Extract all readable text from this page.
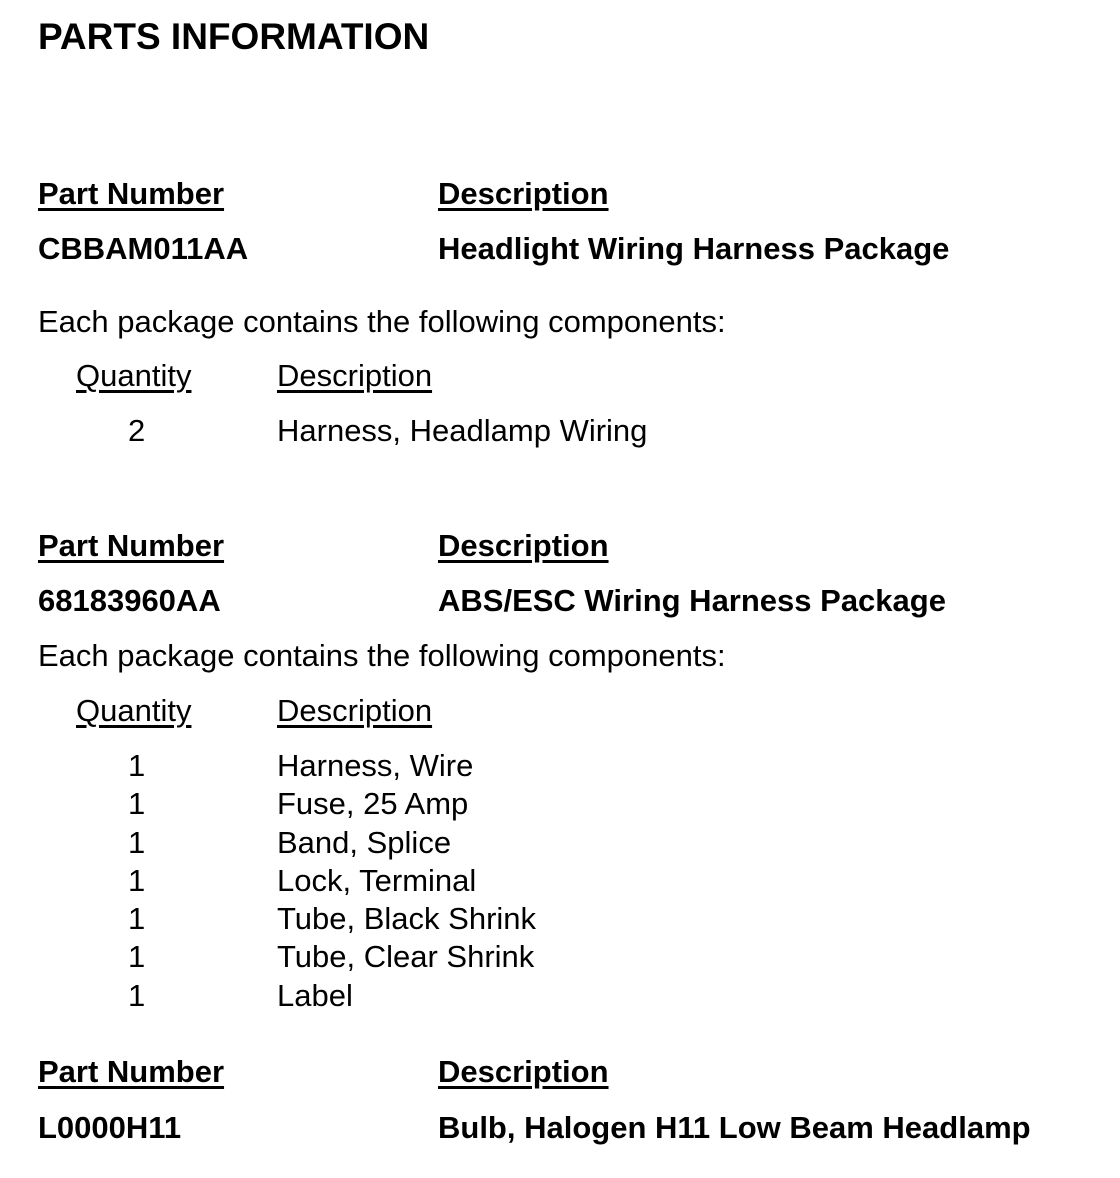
PARTS INFORMATION
Part Number	Description
CBBAM011AA	Headlight Wiring Harness Package
Each package contains the following components:
Quantity	Description
2	Harness, Headlamp Wiring
Part Number	Description
68183960AA	ABS/ESC Wiring Harness Package
Each package contains the following components:
Quantity	Description
1	Harness, Wire
1	Fuse, 25 Amp
1	Band, Splice
1	Lock, Terminal
1	Tube, Black Shrink
1	Tube, Clear Shrink
1	Label
Part Number	Description
L0000H11	Bulb, Halogen H11 Low Beam Headlamp
